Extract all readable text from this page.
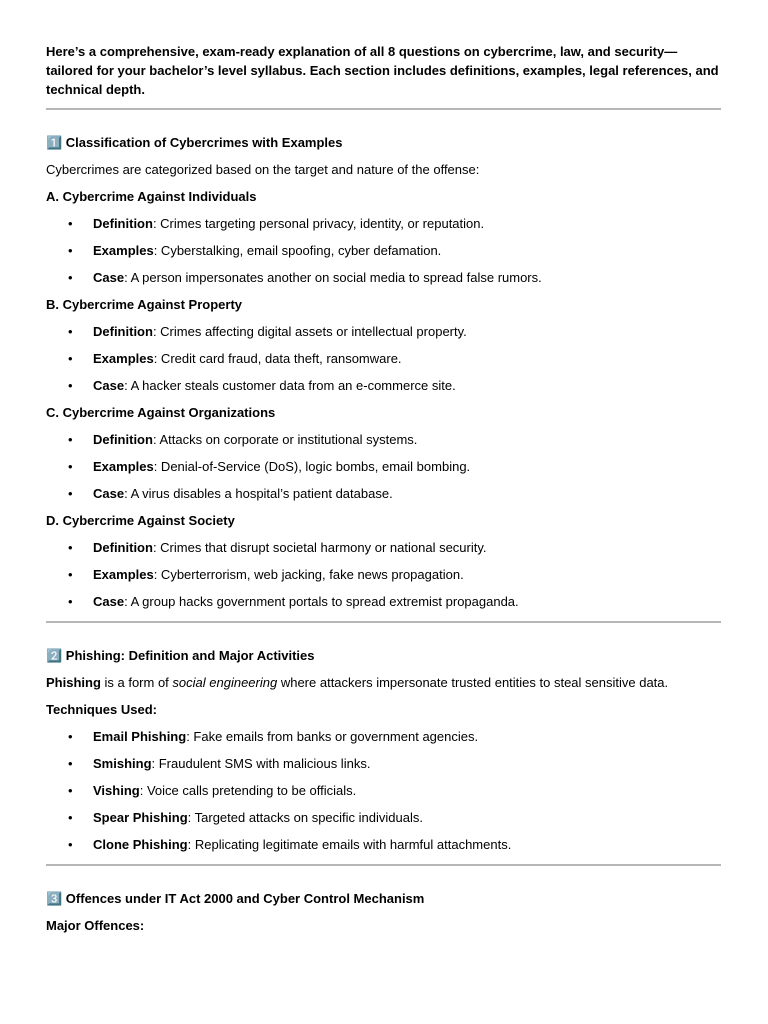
Here’s a comprehensive, exam-ready explanation of all 8 questions on cybercrime, law, and security—tailored for your bachelor’s level syllabus. Each section includes definitions, examples, legal references, and technical depth.

1️⃣ Classification of Cybercrimes with Examples

Cybercrimes are categorized based on the target and nature of the offense:

A. Cybercrime Against Individuals

• Definition: Crimes targeting personal privacy, identity, or reputation.
• Examples: Cyberstalking, email spoofing, cyber defamation.
• Case: A person impersonates another on social media to spread false rumors.

B. Cybercrime Against Property

• Definition: Crimes affecting digital assets or intellectual property.
• Examples: Credit card fraud, data theft, ransomware.
• Case: A hacker steals customer data from an e-commerce site.

C. Cybercrime Against Organizations

• Definition: Attacks on corporate or institutional systems.
• Examples: Denial-of-Service (DoS), logic bombs, email bombing.
• Case: A virus disables a hospital’s patient database.

D. Cybercrime Against Society

• Definition: Crimes that disrupt societal harmony or national security.
• Examples: Cyberterrorism, web jacking, fake news propagation.
• Case: A group hacks government portals to spread extremist propaganda.

2️⃣ Phishing: Definition and Major Activities

Phishing is a form of social engineering where attackers impersonate trusted entities to steal sensitive data.

Techniques Used:

• Email Phishing: Fake emails from banks or government agencies.
• Smishing: Fraudulent SMS with malicious links.
• Vishing: Voice calls pretending to be officials.
• Spear Phishing: Targeted attacks on specific individuals.
• Clone Phishing: Replicating legitimate emails with harmful attachments.

3️⃣ Offences under IT Act 2000 and Cyber Control Mechanism

Major Offences:
